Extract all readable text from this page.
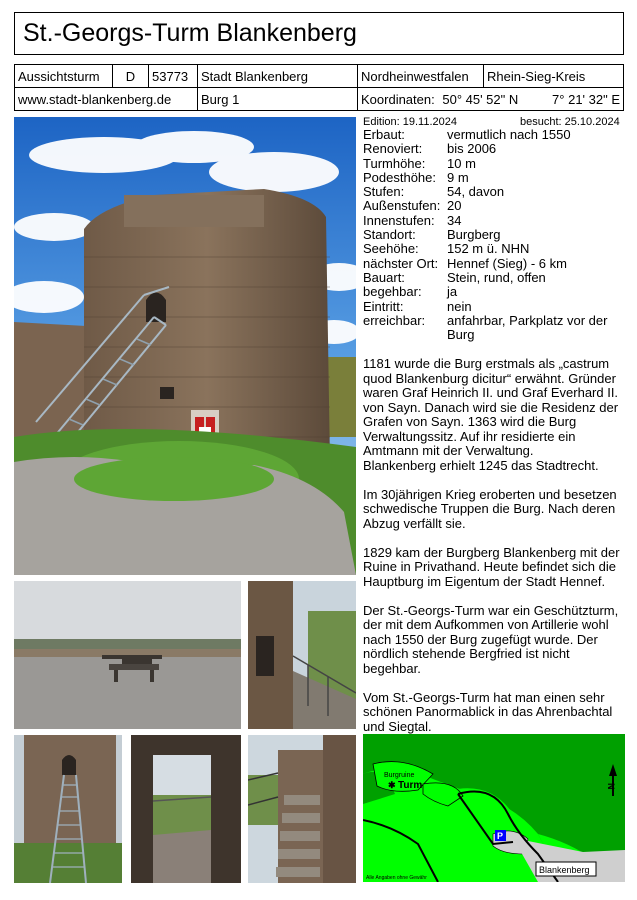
St.-Georgs-Turm Blankenberg
Aussichtsturm	D	53773	Stadt Blankenberg	Nordheinwestfalen	Rhein-Sieg-Kreis
www.stadt-blankenberg.de			Burg 1	Koordinaten: 50° 45' 52" N 7° 21' 32" E	
Edition: 19.11.2024	besucht: 25.10.2024
Erbaut:	vermutlich nach 1550
Renoviert: bis 2006
Turmhöhe: 10 m
Podesthöhe: 9 m
Stufen:	54, davon
Außenstufen: 20
Innenstufen: 34
Standort: Burgberg
Seehöhe: 152 m ü. NHN
nächster Ort: Hennef (Sieg) - 6 km
Bauart:	Stein, rund, offen
begehbar: ja
Eintritt:	nein
erreichbar: anfahrbar, Parkplatz vor der Burg

1181 wurde die Burg erstmals als „castrum quod Blankenburg dicitur“ erwähnt. Gründer waren Graf Heinrich II. und Graf Everhard II. von Sayn. Danach wird sie die Residenz der Grafen von Sayn. 1363 wird die Burg Verwaltungssitz. Auf ihr residierte ein Amtmann mit der Verwaltung.
Blankenberg erhielt 1245 das Stadtrecht.

Im 30jährigen Krieg eroberten und besetzen schwedische Truppen die Burg. Nach deren Abzug verfällt sie.

1829 kam der Burgberg Blankenberg mit der Ruine in Privathand. Heute befindet sich die Hauptburg im Eigentum der Stadt Hennef.

Der St.-Georgs-Turm war ein Geschützturm, der mit dem Aufkommen von Artillerie wohl nach 1550 der Burg zugefügt wurde. Der nördlich stehende Bergfried ist nicht begehbar.

Vom St.-Georgs-Turm hat man einen sehr schönen Panormablick in das Ahrenbachtal und Siegtal.

✱
Burgruine
Turm
P
Blankenberg
Alle Angaben ohne Gewähr
N
